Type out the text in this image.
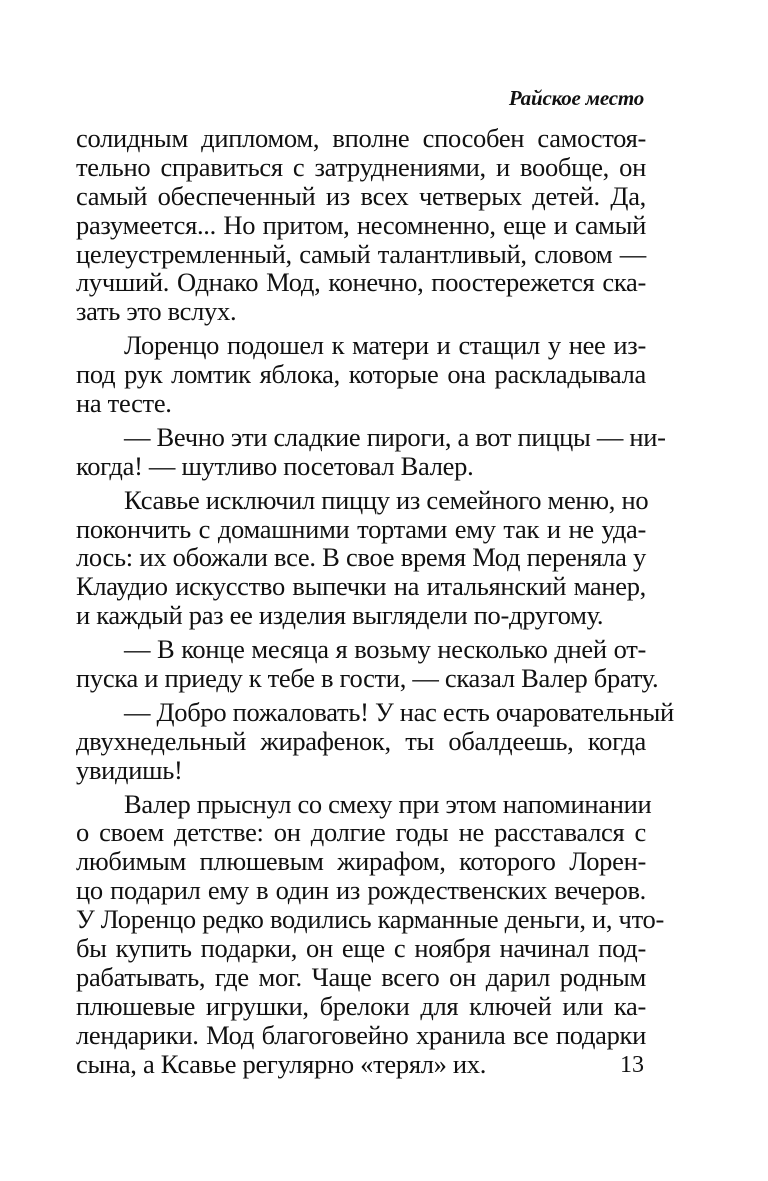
Райское место
солидным дипломом, вполне способен самостоя-
тельно справиться с затруднениями, и вообще, он
самый обеспеченный из всех четверых детей. Да,
разумеется... Но притом, несомненно, еще и самый
целеустремленный, самый талантливый, словом —
лучший. Однако Мод, конечно, поостережется ска-
зать это вслух.
Лоренцо подошел к матери и стащил у нее из-
под рук ломтик яблока, которые она раскладывала
на тесте.
— Вечно эти сладкие пироги, а вот пиццы — ни-
когда! — шутливо посетовал Валер.
Ксавье исключил пиццу из семейного меню, но
покончить с домашними тортами ему так и не уда-
лось: их обожали все. В свое время Мод переняла у
Клаудио искусство выпечки на итальянский манер,
и каждый раз ее изделия выглядели по-другому.
— В конце месяца я возьму несколько дней от-
пуска и приеду к тебе в гости, — сказал Валер брату.
— Добро пожаловать! У нас есть очаровательный
двухнедельный жирафенок, ты обалдеешь, когда
увидишь!
Валер прыснул со смеху при этом напоминании
о своем детстве: он долгие годы не расставался с
любимым плюшевым жирафом, которого Лорен-
цо подарил ему в один из рождественских вечеров.
У Лоренцо редко водились карманные деньги, и, что-
бы купить подарки, он еще с ноября начинал под-
рабатывать, где мог. Чаще всего он дарил родным
плюшевые игрушки, брелоки для ключей или ка-
лендарики. Мод благоговейно хранила все подарки
сына, а Ксавье регулярно «терял» их.	13
